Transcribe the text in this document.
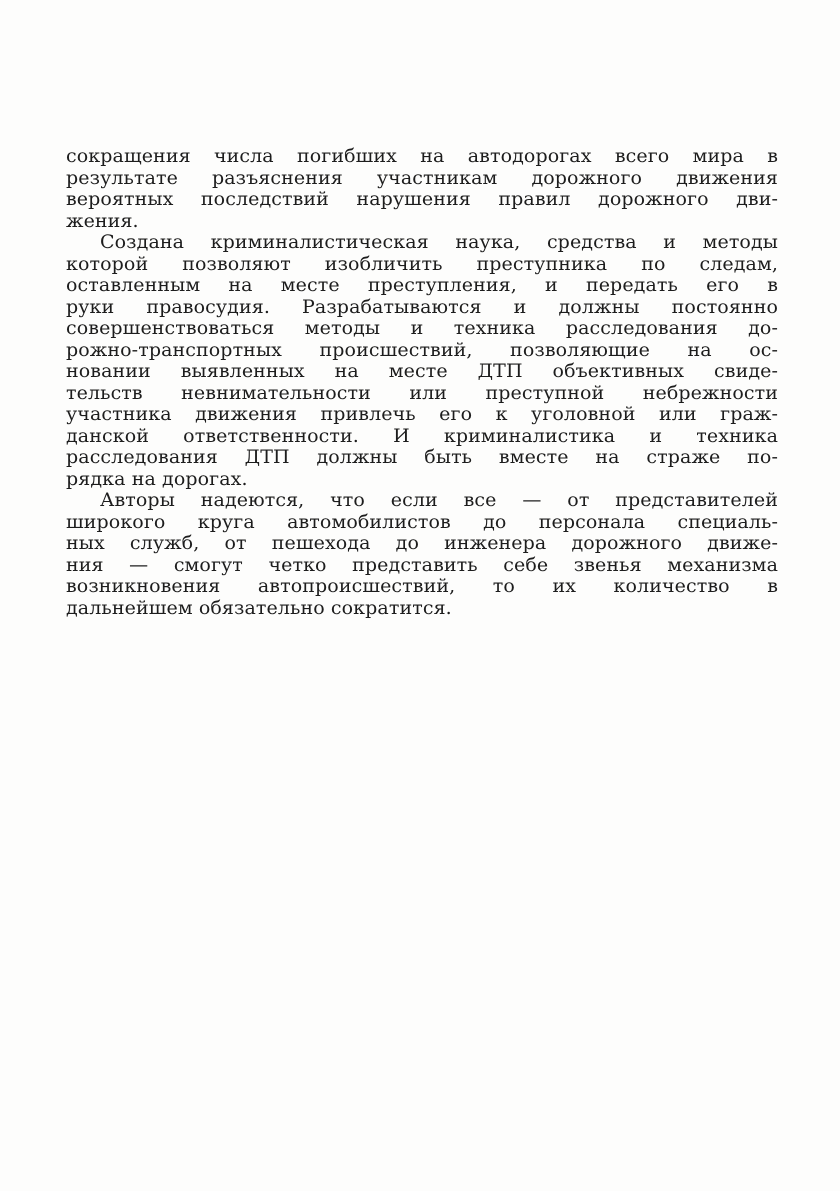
сокращения числа погибших на автодорогах всего мира в
результате разъяснения участникам дорожного движения
вероятных последствий нарушения правил дорожного дви-
жения.

Создана криминалистическая наука, средства и методы
которой позволяют изобличить преступника по следам,
оставленным на месте преступления, и передать его в
руки правосудия. Разрабатываются и должны постоянно
совершенствоваться методы и техника расследования до-
рожно-транспортных происшествий, позволяющие на ос-
новании выявленных на месте ДТП объективных свиде-
тельств невнимательности или преступной небрежности
участника движения привлечь его к уголовной или граж-
данской ответственности. И криминалистика и техника
расследования ДТП должны быть вместе на страже по-
рядка на дорогах.

Авторы надеются, что если все — от представителей
широкого круга автомобилистов до персонала специаль-
ных служб, от пешехода до инженера дорожного движе-
ния — смогут четко представить себе звенья механизма
возникновения автопроисшествий, то их количество в
дальнейшем обязательно сократится.
